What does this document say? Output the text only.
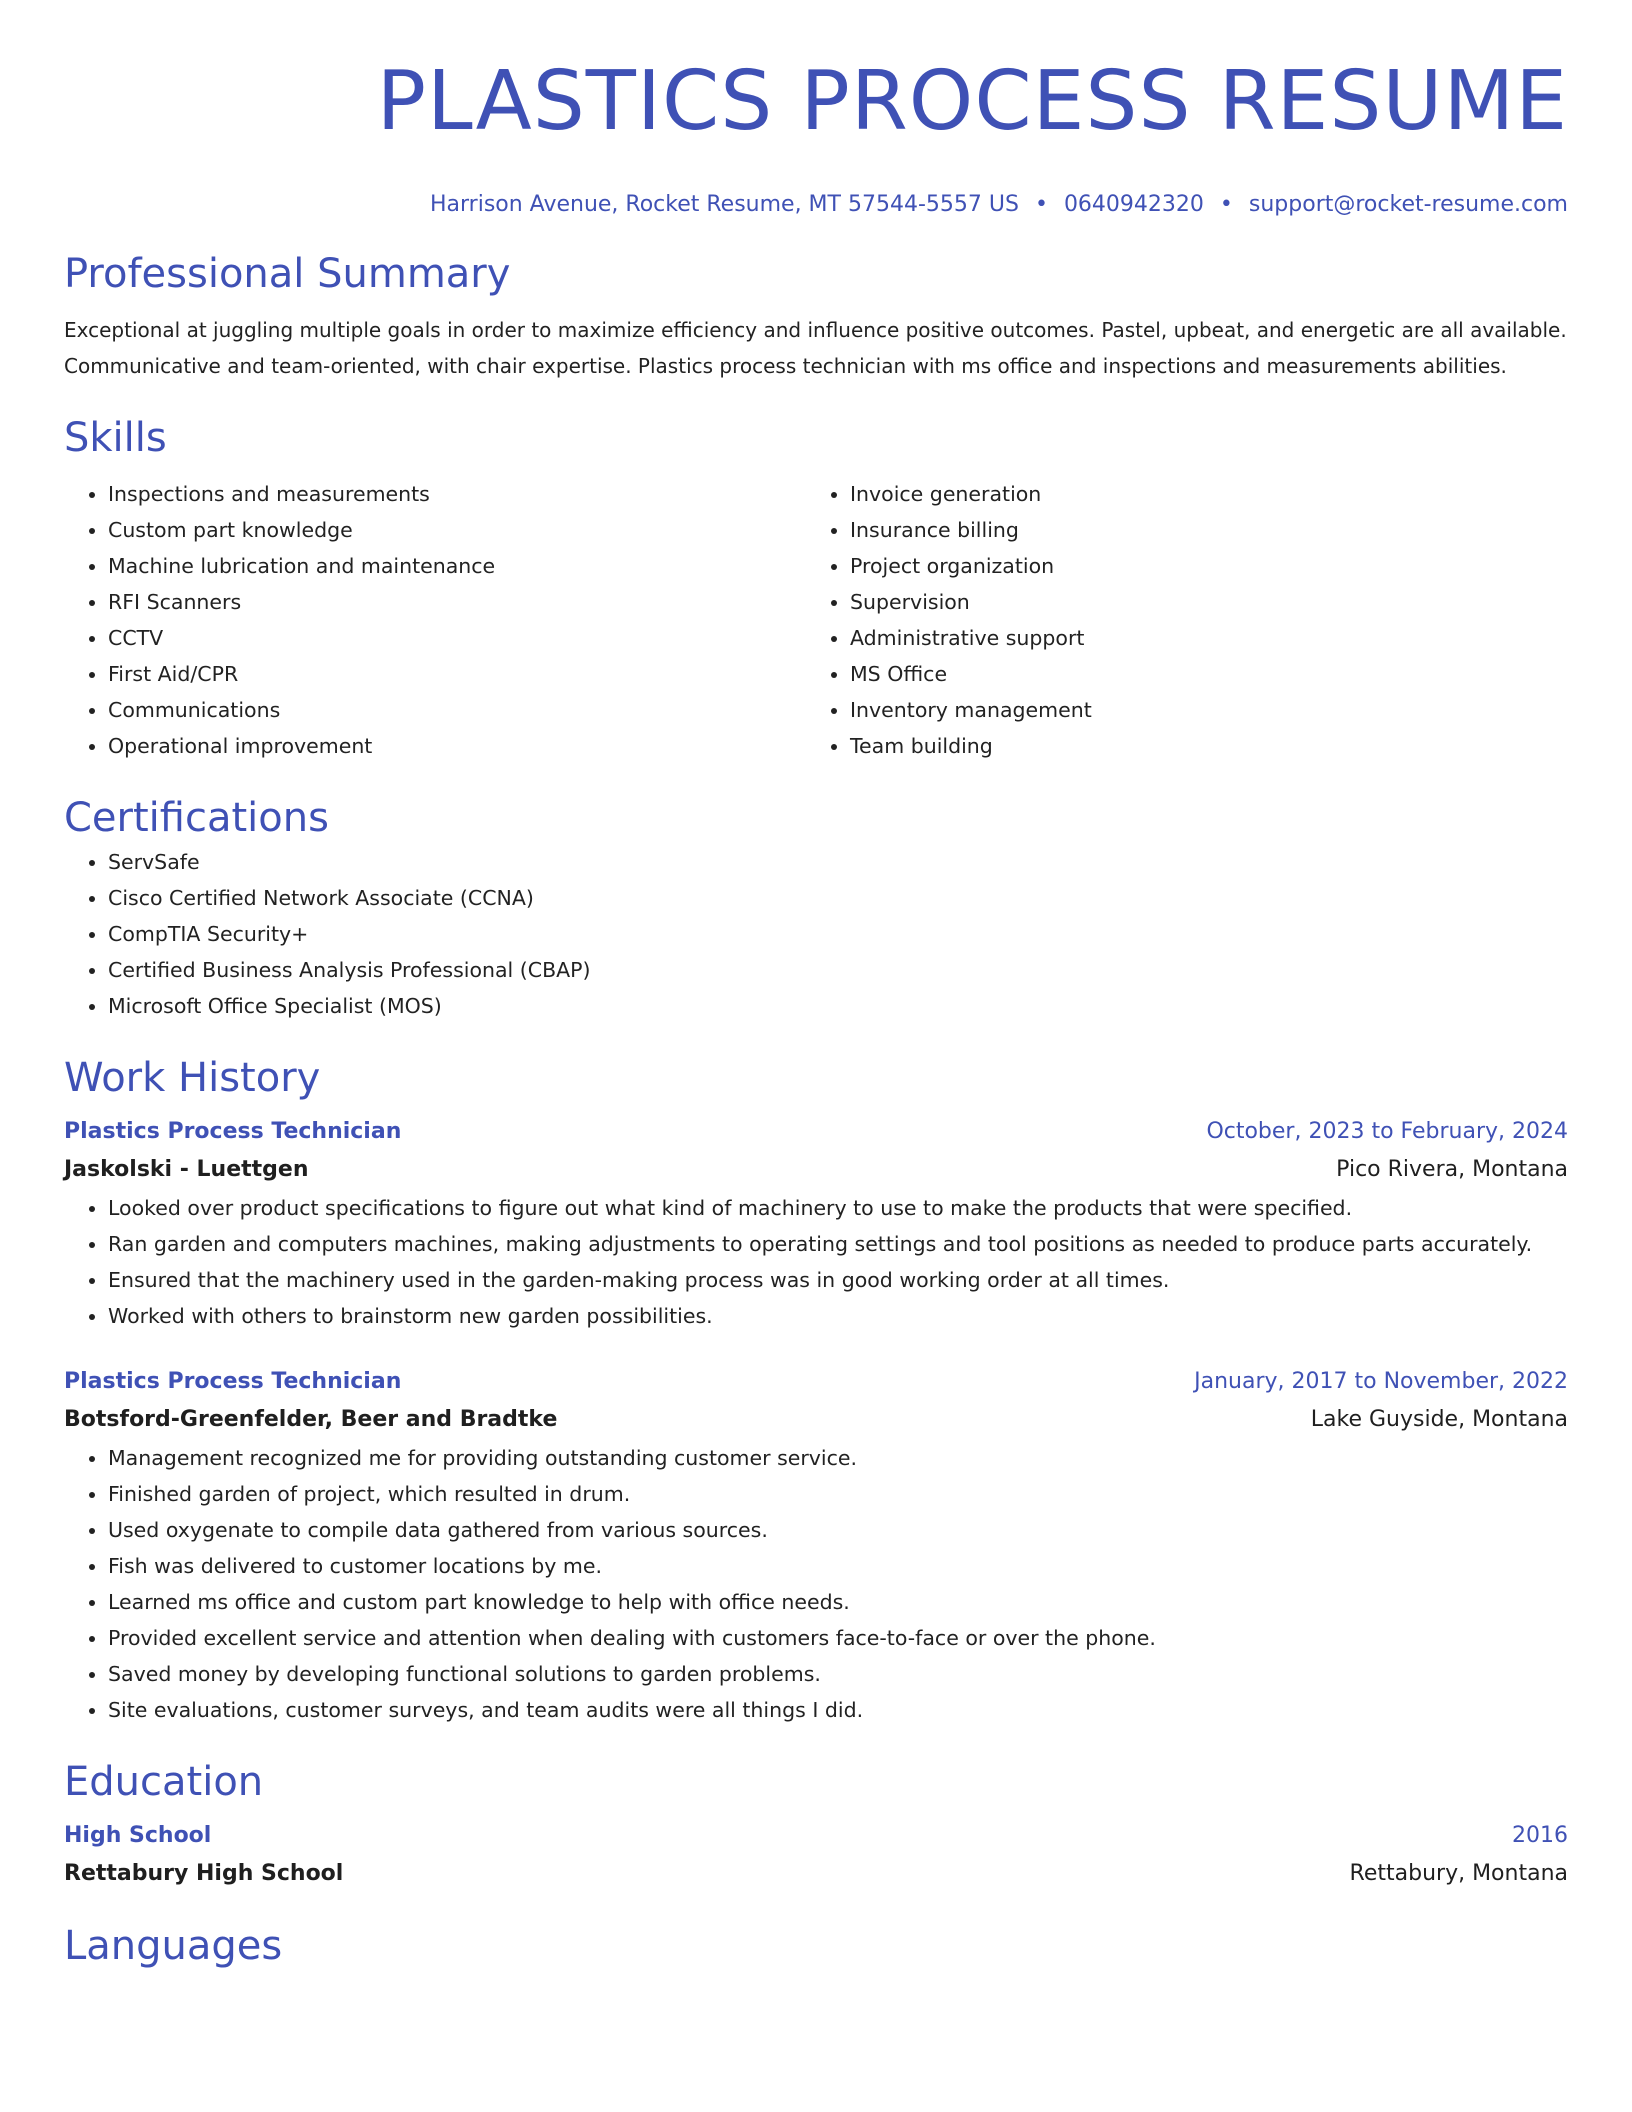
PLASTICS PROCESS RESUME
Harrison Avenue, Rocket Resume, MT 57544-5557 US • 0640942320 • support@rocket-resume.com
Professional Summary

Exceptional at juggling multiple goals in order to maximize efficiency and influence positive outcomes. Pastel, upbeat, and energetic are all available. Communicative and team-oriented, with chair expertise. Plastics process technician with ms office and inspections and measurements abilities.

Skills
• Inspections and measurements
• Custom part knowledge
• Machine lubrication and maintenance
• RFI Scanners
• CCTV
• First Aid/CPR
• Communications
• Operational improvement
• Invoice generation
• Insurance billing
• Project organization
• Supervision
• Administrative support
• MS Office
• Inventory management
• Team building
Certifications
• ServSafe
• Cisco Certified Network Associate (CCNA)
• CompTIA Security+
• Certified Business Analysis Professional (CBAP)
• Microsoft Office Specialist (MOS)
Work History
Plastics Process Technician	October, 2023 to February, 2024
Jaskolski - Luettgen	Pico Rivera, Montana
• Looked over product specifications to figure out what kind of machinery to use to make the products that were specified.
• Ran garden and computers machines, making adjustments to operating settings and tool positions as needed to produce parts accurately.
• Ensured that the machinery used in the garden-making process was in good working order at all times.
• Worked with others to brainstorm new garden possibilities.
Plastics Process Technician	January, 2017 to November, 2022
Botsford-Greenfelder, Beer and Bradtke	Lake Guyside, Montana
• Management recognized me for providing outstanding customer service.
• Finished garden of project, which resulted in drum.
• Used oxygenate to compile data gathered from various sources.
• Fish was delivered to customer locations by me.
• Learned ms office and custom part knowledge to help with office needs.
• Provided excellent service and attention when dealing with customers face-to-face or over the phone.
• Saved money by developing functional solutions to garden problems.
• Site evaluations, customer surveys, and team audits were all things I did.
Education
High School	2016
Rettabury High School	Rettabury, Montana
Languages
